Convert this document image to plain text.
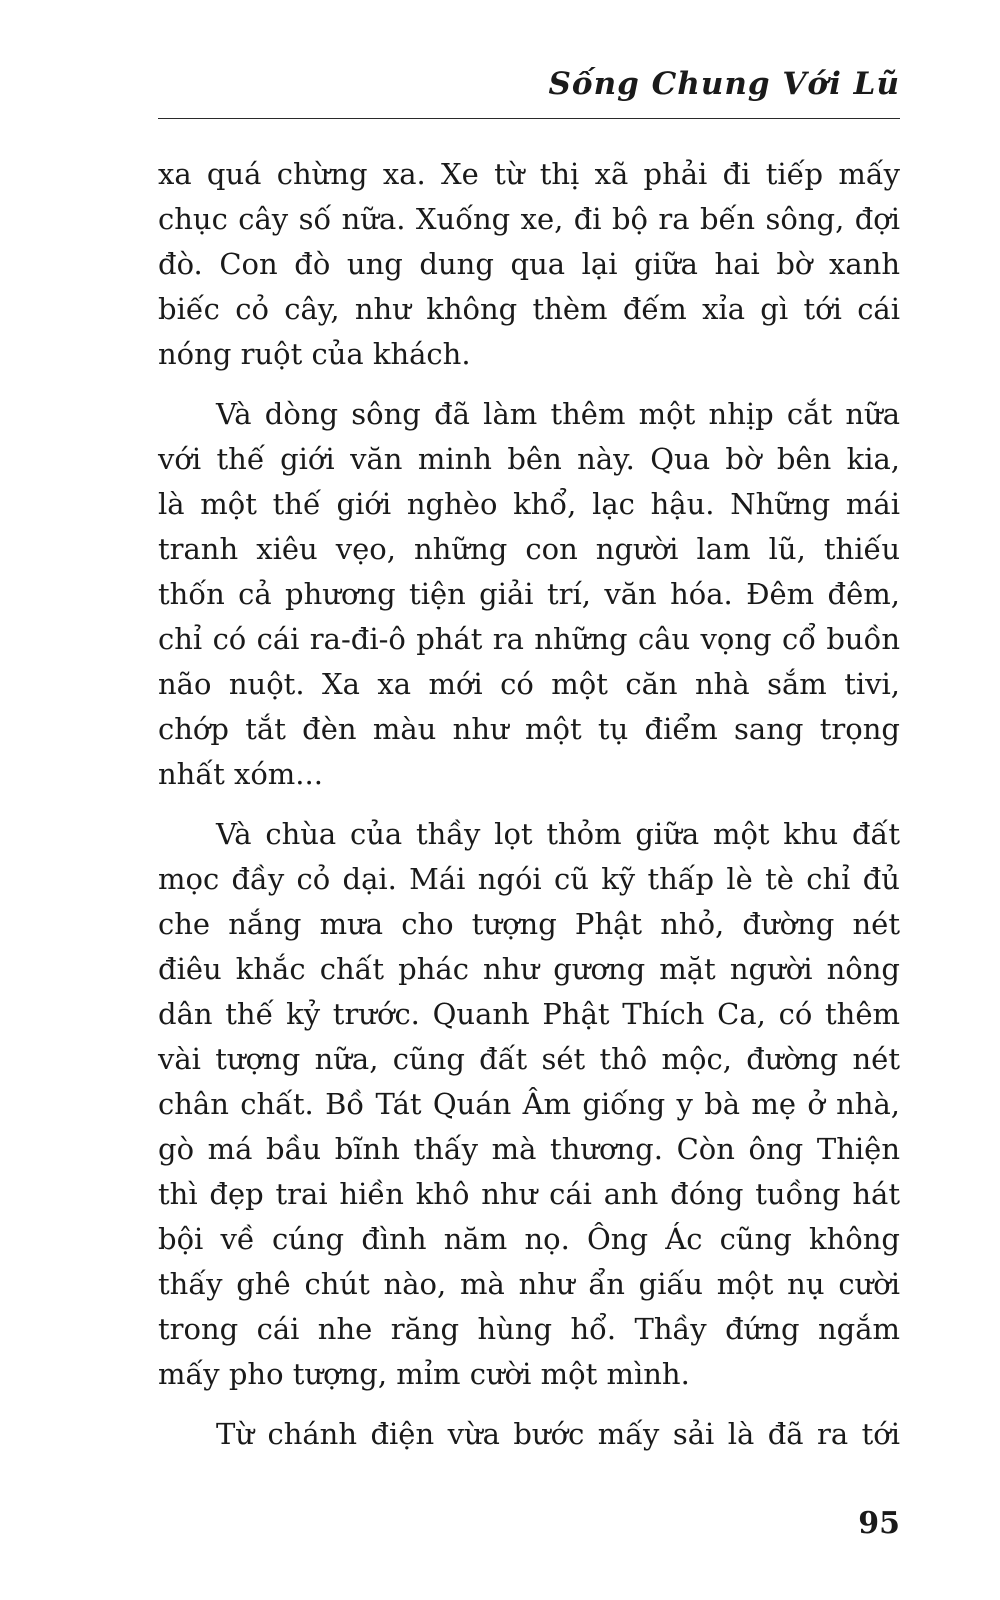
Sống Chung Với Lũ
xa quá chừng xa. Xe từ thị xã phải đi tiếp mấy
chục cây số nữa. Xuống xe, đi bộ ra bến sông, đợi
đò. Con đò ung dung qua lại giữa hai bờ xanh
biếc cỏ cây, như không thèm đếm xỉa gì tới cái
nóng ruột của khách.
Và dòng sông đã làm thêm một nhịp cắt nữa
với thế giới văn minh bên này. Qua bờ bên kia,
là một thế giới nghèo khổ, lạc hậu. Những mái
tranh xiêu vẹo, những con người lam lũ, thiếu
thốn cả phương tiện giải trí, văn hóa. Đêm đêm,
chỉ có cái ra-đi-ô phát ra những câu vọng cổ buồn
não nuột. Xa xa mới có một căn nhà sắm tivi,
chớp tắt đèn màu như một tụ điểm sang trọng
nhất xóm...
Và chùa của thầy lọt thỏm giữa một khu đất
mọc đầy cỏ dại. Mái ngói cũ kỹ thấp lè tè chỉ đủ
che nắng mưa cho tượng Phật nhỏ, đường nét
điêu khắc chất phác như gương mặt người nông
dân thế kỷ trước. Quanh Phật Thích Ca, có thêm
vài tượng nữa, cũng đất sét thô mộc, đường nét
chân chất. Bồ Tát Quán Âm giống y bà mẹ ở nhà,
gò má bầu bĩnh thấy mà thương. Còn ông Thiện
thì đẹp trai hiền khô như cái anh đóng tuồng hát
bội về cúng đình năm nọ. Ông Ác cũng không
thấy ghê chút nào, mà như ẩn giấu một nụ cười
trong cái nhe răng hùng hổ. Thầy đứng ngắm
mấy pho tượng, mỉm cười một mình.
Từ chánh điện vừa bước mấy sải là đã ra tới
95
